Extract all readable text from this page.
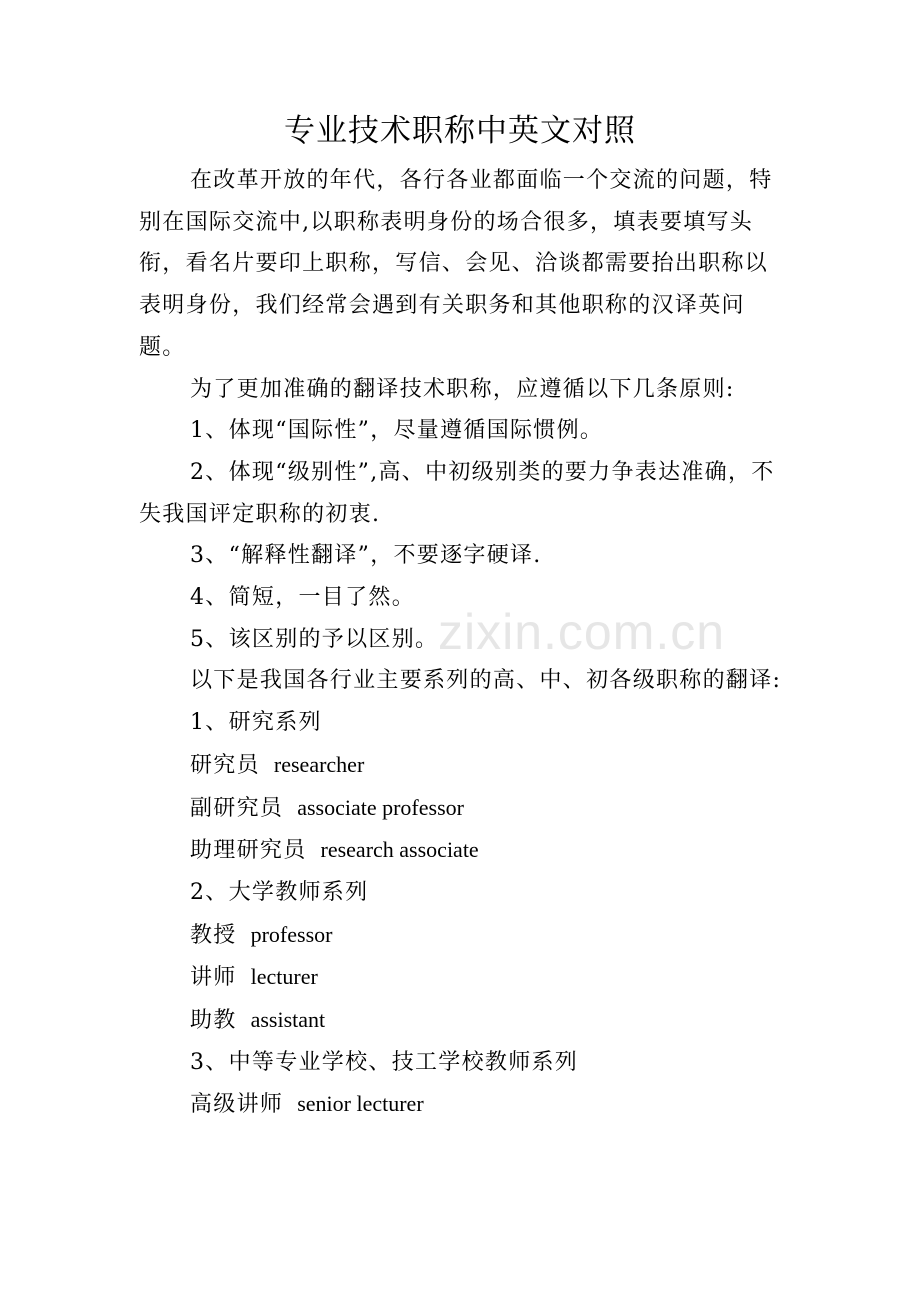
专业技术职称中英文对照

在改革开放的年代，各行各业都面临一个交流的问题，特别在国际交流中,以职称表明身份的场合很多，填表要填写头衔，看名片要印上职称，写信、会见、洽谈都需要抬出职称以表明身份，我们经常会遇到有关职务和其他职称的汉译英问题。

为了更加准确的翻译技术职称，应遵循以下几条原则:

1、体现“国际性”，尽量遵循国际惯例。

2、体现“级别性”,高、中初级别类的要力争表达准确，不失我国评定职称的初衷.

3、“解释性翻译”，不要逐字硬译.

4、简短，一目了然。

5、该区别的予以区别。

以下是我国各行业主要系列的高、中、初各级职称的翻译:

1、研究系列

研究员 researcher

副研究员 associate professor

助理研究员 research associate

2、大学教师系列

教授 professor

讲师 lecturer

助教 assistant

3、中等专业学校、技工学校教师系列

高级讲师 senior lecturer

zixin.com.cn
